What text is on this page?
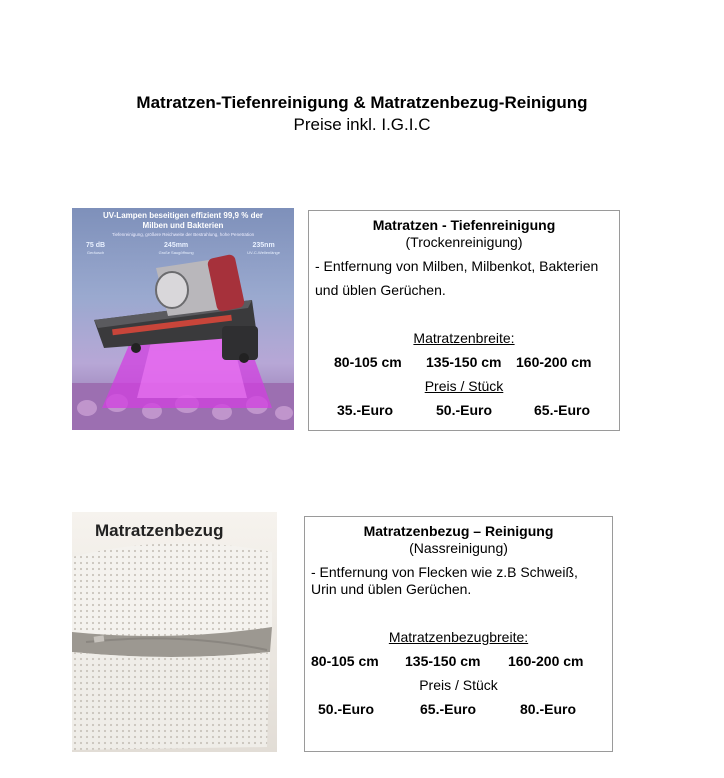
Matratzen-Tiefenreinigung & Matratzenbezug-Reinigung
Preise inkl. I.G.I.C
UV-Lampen beseitigen effizient 99,9 % der
Milben und Bakterien
Tiefenreinigung, größere Reichweite der Bestrahlung, hohe Penetration
75 dB
Geräusch
245mm
Große Saugöffnung
235nm
UV-C-Wellenlänge
Matratzen - Tiefenreinigung
(Trockenreinigung)
- Entfernung von Milben, Milbenkot, Bakterien
und üblen Gerüchen.
Matratzenbreite:
80-105 cm 135-150 cm 160-200 cm
Preis / Stück
35.-Euro	50.-Euro	65.-Euro
Matratzenbezug	Matratzenbezug – Reinigung
(Nassreinigung)
- Entfernung von Flecken wie z.B Schweiß,
Urin und üblen Gerüchen.
Matratzenbezugbreite:
80-105 cm 135-150 cm 160-200 cm
Preis / Stück
50.-Euro	65.-Euro	80.-Euro
